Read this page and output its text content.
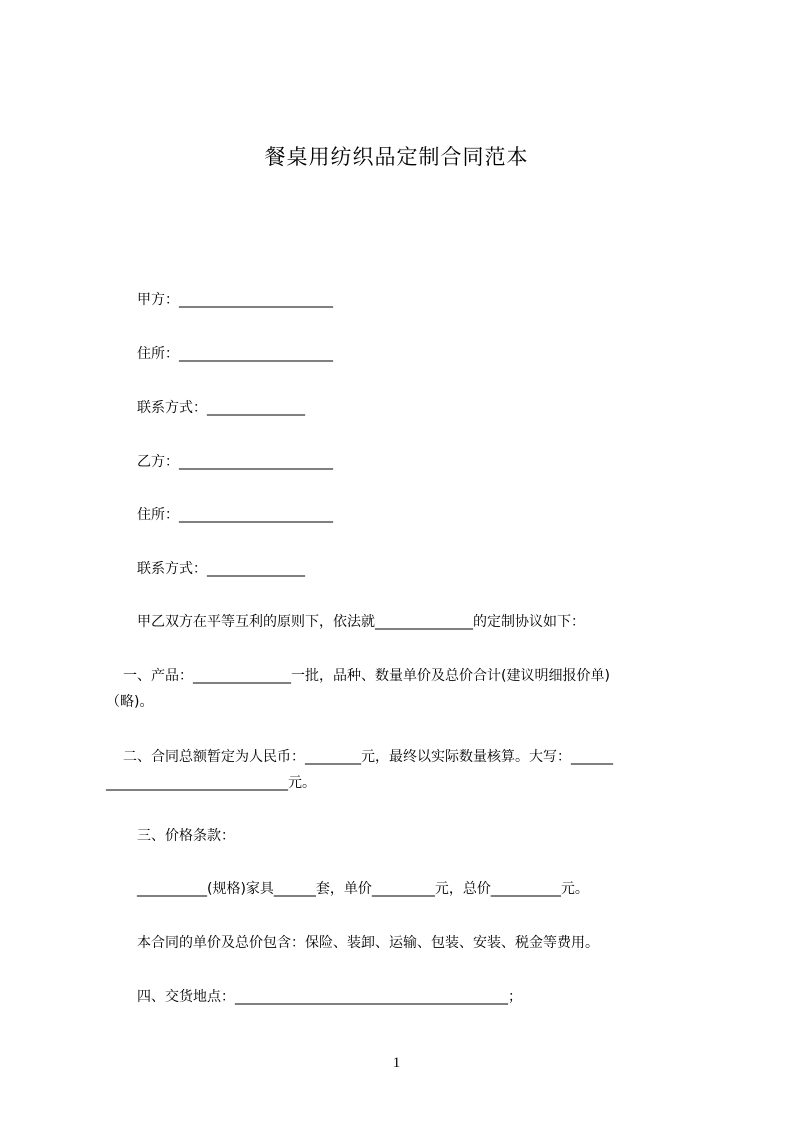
餐桌用纺织品定制合同范本
甲方：______________________
住所：______________________
联系方式：______________
乙方：______________________
住所：______________________
联系方式：______________
甲乙双方在平等互利的原则下，依法就______________的定制协议如下：
一、产品：______________一批，品种、数量单价及总价合计(建议明细报价单)
（略)。
二、合同总额暂定为人民币：________元，最终以实际数量核算。大写：______
__________________________元。
三、价格条款：
__________(规格)家具______套，单价_________元，总价__________元。
本合同的单价及总价包含：保险、装卸、运输、包装、安装、税金等费用。
四、交货地点：_______________________________________；
1
